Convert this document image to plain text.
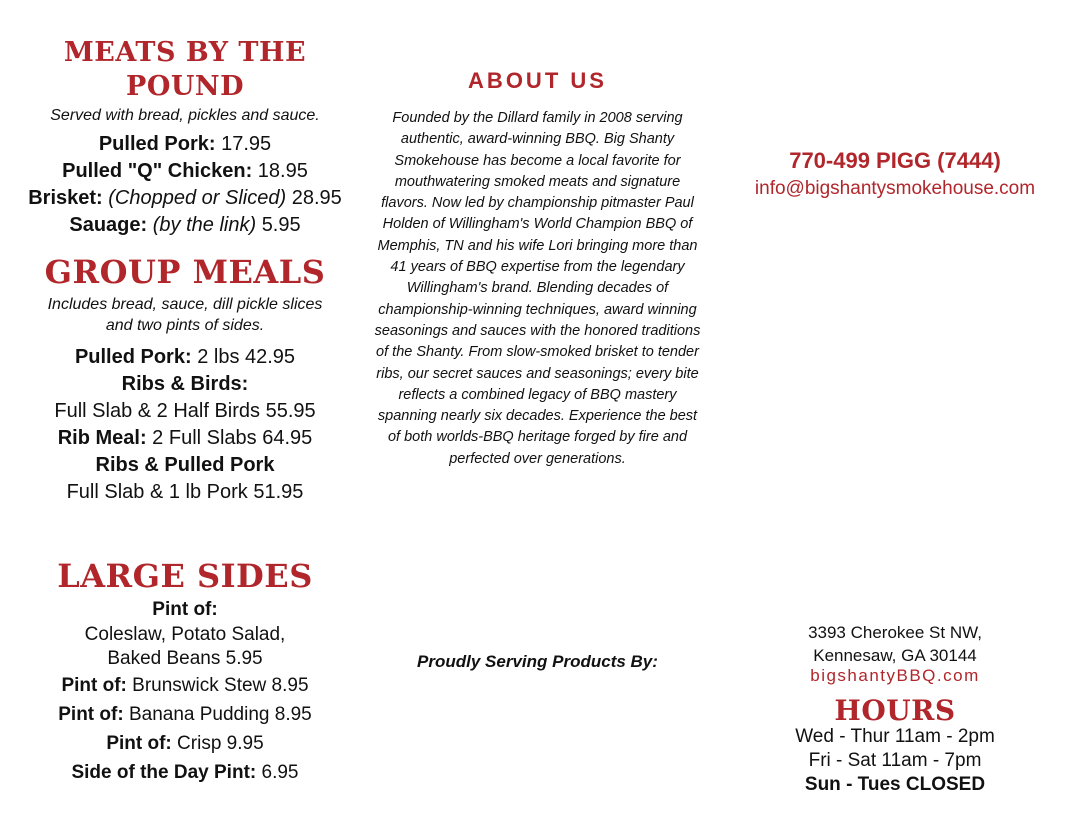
MEATS BY THE POUND

Served with bread, pickles and sauce.

Pulled Pork: 17.95

Pulled "Q" Chicken: 18.95

Brisket: (Chopped or Sliced) 28.95

Sauage: (by the link) 5.95

GROUP MEALS

Includes bread, sauce, dill pickle slices

and two pints of sides.

Pulled Pork: 2 lbs 42.95

Ribs & Birds:

Full Slab & 2 Half Birds 55.95

Rib Meal: 2 Full Slabs 64.95

Ribs & Pulled Pork

Full Slab & 1 lb Pork 51.95

LARGE SIDES

Pint of:

Coleslaw, Potato Salad,

Baked Beans 5.95

Pint of: Brunswick Stew 8.95

Pint of: Banana Pudding 8.95

Pint of: Crisp 9.95

Side of the Day Pint: 6.95

ABOUT US

Founded by the Dillard family in 2008 serving authentic, award-winning BBQ. Big Shanty Smokehouse has become a local favorite for mouthwatering smoked meats and signature flavors. Now led by championship pitmaster Paul Holden of Willingham's World Champion BBQ of Memphis, TN and his wife Lori bringing more than 41 years of BBQ expertise from the legendary Willingham's brand. Blending decades of championship-winning techniques, award winning seasonings and sauces with the honored traditions of the Shanty. From slow-smoked brisket to tender ribs, our secret sauces and seasonings; every bite reflects a combined legacy of BBQ mastery spanning nearly six decades. Experience the best of both worlds-BBQ heritage forged by fire and perfected over generations.

Proudly Serving Products By:

770-499 PIGG (7444)

info@bigshantysmokehouse.com

3393 Cherokee St NW,

Kennesaw, GA 30144

bigshantyBBQ.com

HOURS

Wed - Thur 11am - 2pm

Fri - Sat 11am - 7pm

Sun - Tues CLOSED
